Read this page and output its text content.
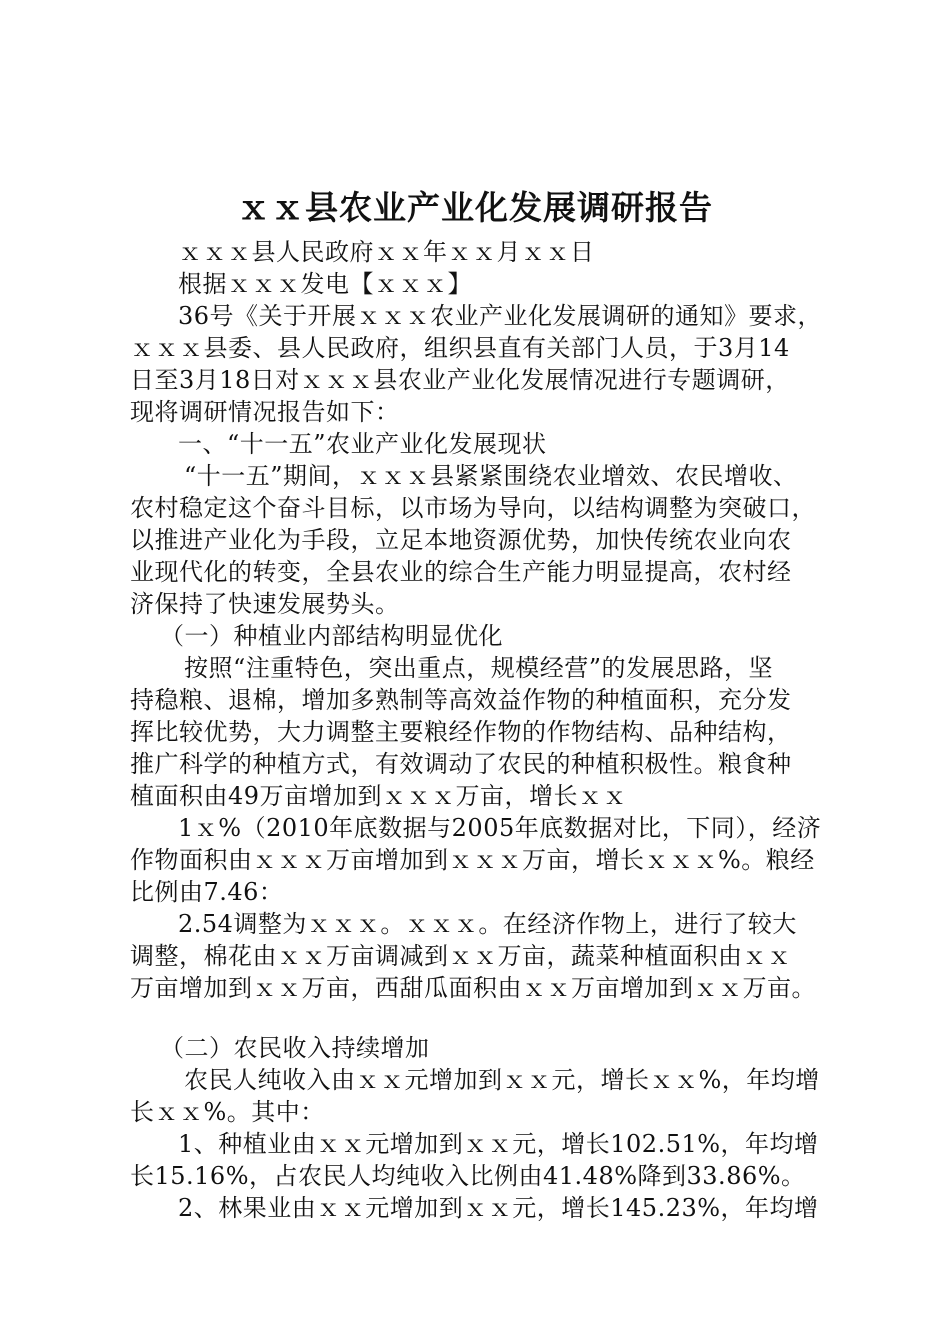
ｘｘ县农业产业化发展调研报告
ｘｘｘ县人民政府ｘｘ年ｘｘ月ｘｘ日
根据ｘｘｘ发电【ｘｘｘ】
36号《关于开展ｘｘｘ农业产业化发展调研的通知》要求，
ｘｘｘ县委、县人民政府，组织县直有关部门人员，于3月14
日至3月18日对ｘｘｘ县农业产业化发展情况进行专题调研，
现将调研情况报告如下：
一、“十一五”农业产业化发展现状
“十一五”期间，ｘｘｘ县紧紧围绕农业增效、农民增收、
农村稳定这个奋斗目标，以市场为导向，以结构调整为突破口，
以推进产业化为手段，立足本地资源优势，加快传统农业向农
业现代化的转变，全县农业的综合生产能力明显提高，农村经
济保持了快速发展势头。
（一）种植业内部结构明显优化
按照“注重特色，突出重点，规模经营”的发展思路，坚
持稳粮、退棉，增加多熟制等高效益作物的种植面积，充分发
挥比较优势，大力调整主要粮经作物的作物结构、品种结构，
推广科学的种植方式，有效调动了农民的种植积极性。粮食种
植面积由49万亩增加到ｘｘｘ万亩，增长ｘｘ
1ｘ%（2010年底数据与2005年底数据对比，下同），经济
作物面积由ｘｘｘ万亩增加到ｘｘｘ万亩，增长ｘｘｘ%。粮经
比例由7.46：
2.54调整为ｘｘｘ。ｘｘｘ。在经济作物上，进行了较大
调整，棉花由ｘｘ万亩调减到ｘｘ万亩，蔬菜种植面积由ｘｘ
万亩增加到ｘｘ万亩，西甜瓜面积由ｘｘ万亩增加到ｘｘ万亩。
（二）农民收入持续增加
农民人纯收入由ｘｘ元增加到ｘｘ元，增长ｘｘ%，年均增
长ｘｘ%。其中：
1、种植业由ｘｘ元增加到ｘｘ元，增长102.51%，年均增
长15.16%，占农民人均纯收入比例由41.48%降到33.86%。
2、林果业由ｘｘ元增加到ｘｘ元，增长145.23%，年均增
